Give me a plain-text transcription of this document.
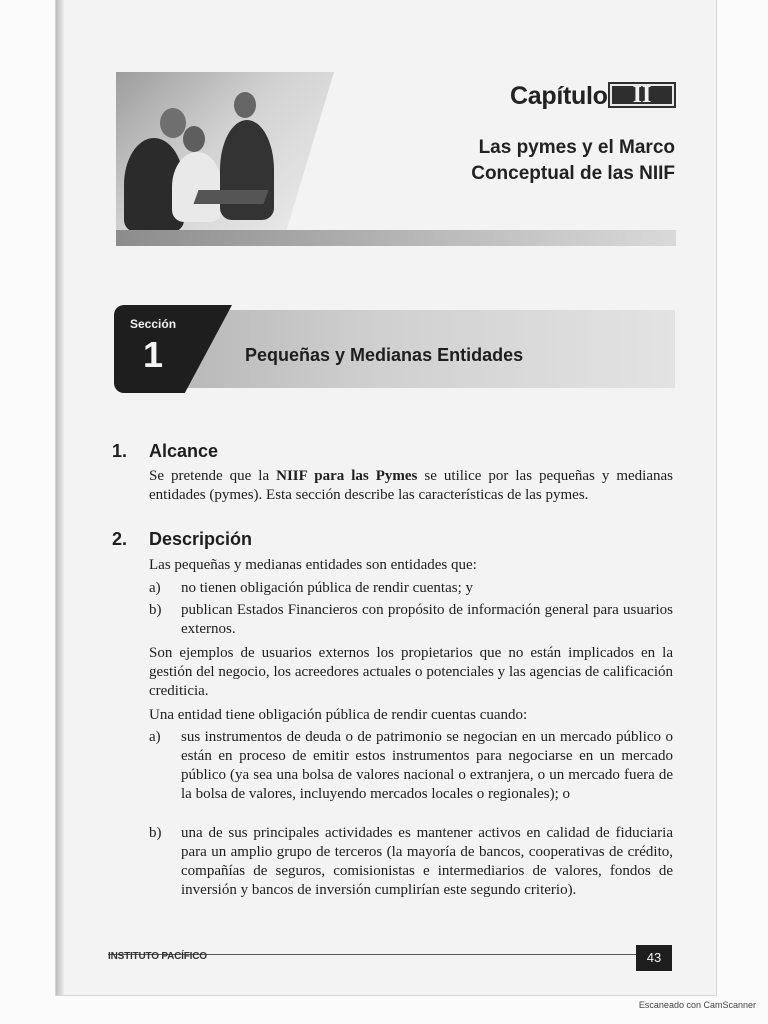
Capítulo	II
Las pymes y el Marco
Conceptual de las NIIF
Sección
1	Pequeñas y Medianas Entidades
1. Alcance
Se pretende que la NIIF para las Pymes se utilice por las pequeñas y medianas entidades (pymes). Esta sección describe las características de las pymes.
2. Descripción
Las pequeñas y medianas entidades son entidades que:
a) no tienen obligación pública de rendir cuentas; y
b) publican Estados Financieros con propósito de información general para usuarios externos.
Son ejemplos de usuarios externos los propietarios que no están implicados en la gestión del negocio, los acreedores actuales o potenciales y las agencias de calificación crediticia.
Una entidad tiene obligación pública de rendir cuentas cuando:
a) sus instrumentos de deuda o de patrimonio se negocian en un mercado público o están en proceso de emitir estos instrumentos para negociarse en un mercado público (ya sea una bolsa de valores nacional o extranjera, o un mercado fuera de la bolsa de valores, incluyendo mercados locales o regionales); o
b) una de sus principales actividades es mantener activos en calidad de fiduciaria para un amplio grupo de terceros (la mayoría de bancos, cooperativas de crédito, compañías de seguros, comisionistas e intermediarios de valores, fondos de inversión y bancos de inversión cumplirían este segundo criterio).
INSTITUTO PACÍFICO	43
Escaneado con CamScanner
